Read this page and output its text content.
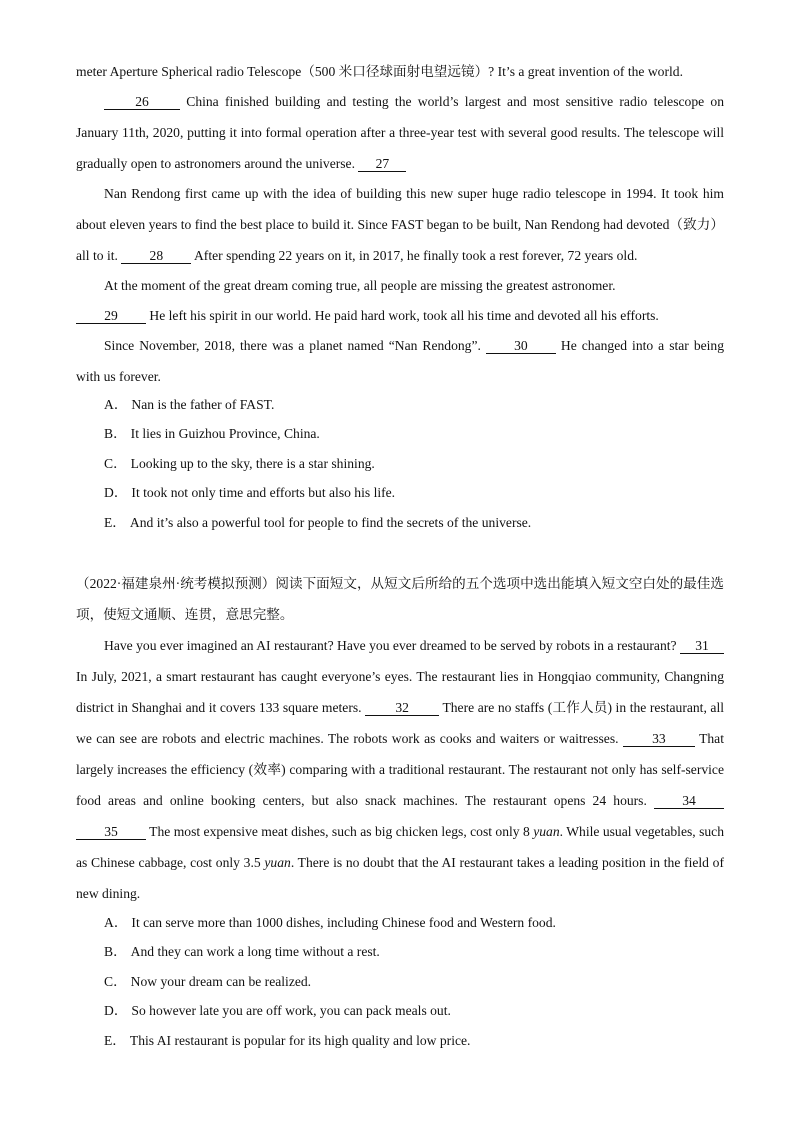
meter Aperture Spherical radio Telescope（500 米口径球面射电望远镜）? It’s a great invention of the world.
26	China finished building and testing the world’s largest and most sensitive radio telescope on January 11th, 2020, putting it into formal operation after a three-year test with several good results. The telescope will gradually open to astronomers around the universe. 27
Nan Rendong first came up with the idea of building this new super huge radio telescope in 1994. It took him about eleven years to find the best place to build it. Since FAST began to be built, Nan Rendong had devoted（致力）all to it. 28 After spending 22 years on it, in 2017, he finally took a rest forever, 72 years old.
At the moment of the great dream coming true, all people are missing the greatest astronomer.
29 He left his spirit in our world. He paid hard work, took all his time and devoted all his efforts.
Since November, 2018, there was a planet named “Nan Rendong”. 30 He changed into a star being with us forever.
A． Nan is the father of FAST.
B． It lies in Guizhou Province, China.
C． Looking up to the sky, there is a star shining.
D． It took not only time and efforts but also his life.
E． And it’s also a powerful tool for people to find the secrets of the universe.
（2022·福建泉州·统考模拟预测）阅读下面短文，从短文后所给的五个选项中选出能填入短文空白处的最佳选项，使短文通顺、连贯，意思完整。
Have you ever imagined an AI restaurant? Have you ever dreamed to be served by robots in a restaurant? 31 In July, 2021, a smart restaurant has caught everyone’s eyes. The restaurant lies in Hongqiao community, Changning district in Shanghai and it covers 133 square meters. 32 There are no staffs (工作人员) in the restaurant, all we can see are robots and electric machines. The robots work as cooks and waiters or waitresses. 33 That largely increases the efficiency (效率) comparing with a traditional restaurant. The restaurant not only has self-service food areas and online booking centers, but also snack machines. The restaurant opens 24 hours.	34 35 The most expensive meat dishes, such as big chicken legs, cost only 8 yuan. While usual vegetables, such as Chinese cabbage, cost only 3.5 yuan. There is no doubt that the AI restaurant takes a leading position in the field of new dining.
A． It can serve more than 1000 dishes, including Chinese food and Western food.
B． And they can work a long time without a rest.
C． Now your dream can be realized.
D． So however late you are off work, you can pack meals out.
E． This AI restaurant is popular for its high quality and low price.
